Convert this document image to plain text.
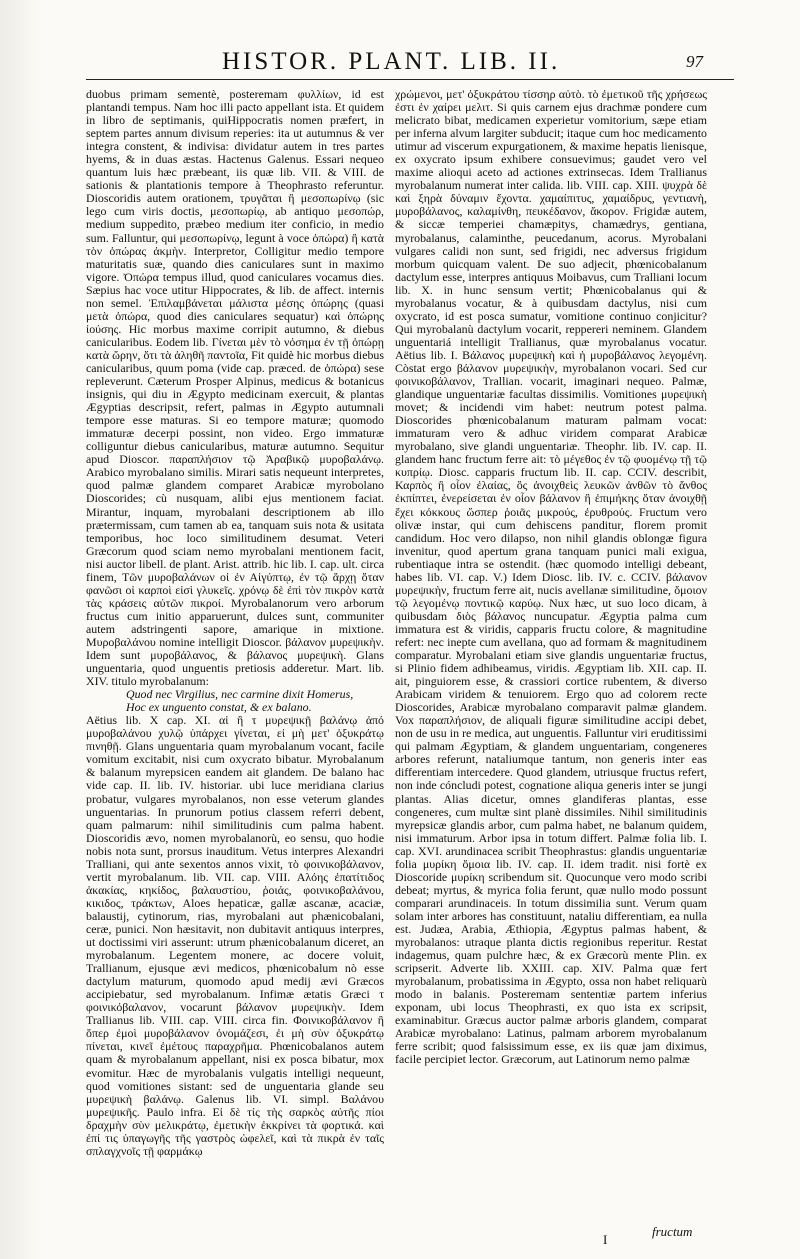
HISTOR. PLANT. LIB. II.	97

duobus primam sementè, posteremam φυλλίων, id est plantandi tempus. Nam hoc illi pacto appellant ista. Et quidem in libro de septimanis, quiHippocratis nomen præfert, in septem partes annum divisum reperies: ita ut autumnus & ver integra constent, & indivisa: dividatur autem in tres partes hyems, & in duas æstas. Hactenus Galenus. Essari nequeo quantum luis hæc præbeant, iis quæ lib. VII. & VIII. de sationis & plantationis tempore à Theophrasto referuntur. Dioscoridis autem orationem, τρυγᾶται ἢ μεσοπωρίνῳ (sic lego cum viris doctis, μεσοπωρίῳ, ab antiquo μεσοπώρ, medium suppedito, præbeo medium iter conficio, in medio sum. Falluntur, qui μεσοπωρίνῳ, legunt à voce ὀπώρα) ἢ κατὰ τὸν ὀπώρας ἀκμὴν. Interpretor, Colligitur medio tempore maturitatis suæ, quando dies caniculares sunt in maximo vigore. Ὀπώρα tempus illud, quod caniculares vocamus dies. Sæpius hac voce utitur Hippocrates, & lib. de affect. internis non semel. Ἐπιλαμβάνεται μάλιστα μέσης ὀπώρης (quasi μετὰ ὀπώρα, quod dies caniculares sequatur) καὶ ὀπώρης ἰούσης. Hic morbus maxime corripit autumno, & diebus canicularibus. Eodem lib. Γίνεται μὲν τὸ νόσημα ἐν τῇ ὀπώρῃ κατὰ ὥρην, ὅτι τὰ ἀληθῆ παντοῖα, Fit quidè hic morbus diebus canicularibus, quum poma (vide cap. præced. de ὀπώρα) sese repleverunt. Cæterum Prosper Alpinus, medicus & botanicus insignis, qui diu in Ægypto medicinam exercuit, & plantas Ægyptias descripsit, refert, palmas in Ægypto autumnali tempore esse maturas. Si eo tempore maturæ; quomodo immaturæ decerpi possint, non video. Ergo immaturæ colliguntur diebus canicularibus, maturæ autumno. Sequitur apud Dioscor. παραπλήσιον τῷ Ἀραβικῷ μυροβαλάνῳ. Arabico myrobalano similis. Mirari satis nequeunt interpretes, quod palmæ glandem comparet Arabicæ myrobolano Dioscorides; cù nusquam, alibi ejus mentionem faciat. Mirantur, inquam, myrobalani descriptionem ab illo prætermissam, cum tamen ab ea, tanquam suis nota & usitata temporibus, hoc loco similitudinem desumat. Veteri Græcorum quod sciam nemo myrobalani mentionem facit, nisi auctor libell. de plant. Arist. attrib. hic lib. I. cap. ult. circa finem, Τῶν μυροβαλάνων οἱ ἐν Αἰγύπτῳ, ἐν τῷ ἄρχῃ ὅταν φανῶσι οἱ καρποὶ εἰσὶ γλυκεῖς. χρόνῳ δὲ ἐπὶ τὸν πικρὸν κατὰ τὰς κράσεις αὐτῶν πικροί. Myrobalanorum vero arborum fructus cum initio apparuerunt, dulces sunt, communiter autem adstringenti sapore, amarique in mixtione. Μυροβαλάνου nomine intelligit Dioscor. βάλανον μυρεψικὴν. Idem sunt μυροβάλανος, & βάλανος μυρεψικὴ. Glans unguentaria, quod unguentis pretiosis adderetur. Mart. lib. XIV. titulo myrobalanum:

Quod nec Virgilius, nec carmine dixit Homerus,

Hoc ex unguento constat, & ex balano.

Aëtius lib. X cap. XI. αἱ ἢ τ μυρεψικῇ βαλάνῳ ἀπό μυροβαλάνου χυλῷ ὑπάρχει γίνεται, εἰ μὴ μετ' ὀξυκράτῳ πινηθῇ. Glans unguentaria quam myrobalanum vocant, facile vomitum excitabit, nisi cum oxycrato bibatur. Myrobalanum & balanum myrepsicen eandem ait glandem. De balano hac vide cap. II. lib. IV. historiar. ubi luce meridiana clarius probatur, vulgares myrobalanos, non esse veterum glandes unguentarias. In prunorum potius classem referri debent, quam palmarum: nihil similitudinis cum palma habent. Dioscoridis ævo, nomen myrobalanorù, eo sensu, quo hodie nobis nota sunt, prorsus inauditum. Vetus interpres Alexandri Tralliani, qui ante sexentos annos vixit, τὸ φοινικοβάλανον, vertit myrobalanum. lib. VII. cap. VIII. Αλόης ἐπατίτιδος ἀκακίας, κηκίδος, βαλαυστίου, ῥοιάς, φοινικοβαλάνου, κικιδος, τράκτων, Aloes hepaticæ, gallæ ascanæ, acaciæ, balaustij, cytinorum, rias, myrobalani aut phænicobalani, ceræ, punici. Non hæsitavit, non dubitavit antiquus interpres, ut doctissimi viri asserunt: utrum phænicobalanum diceret, an myrobalanum. Legentem monere, ac docere voluit, Trallianum, ejusque ævi medicos, phœnicobalum nò esse dactylum maturum, quomodo apud medij ævi Græcos accipiebatur, sed myrobalanum. Infimæ ætatis Græci τ φοινικόβαλανον, vocarunt βάλανον μυρεψικὴν. Idem Trallianus lib. VIII. cap. VIII. circa fin. Φοινικοβάλανον ἢ ὅπερ ἐμοὶ μυροβάλανον ὀνομάζεσι, ἐι μὴ σὺν ὀξυκράτῳ πίνεται, κινεῖ ἐμέτους παραχρῆμα. Phœnicobalanos autem quam & myrobalanum appellant, nisi ex posca bibatur, mox evomitur. Hæc de myrobalanis vulgatis intelligi nequeunt, quod vomitiones sistant: sed de unguentaria glande seu μυρεψικὴ βαλάνῳ. Galenus lib. VI. simpl. Βαλάνου μυρεψικῆς. Paulo infra. Εἰ δὲ τίς τὴς σαρκὸς αὐτῆς πίοι δραχμὴν σὺν μελικράτῳ, ἐμετικὴν ἐκκρίνει τὰ φορτικά. καὶ ἐπί τις ὑπαγωγῆς τῆς γαστρὸς ὠφελεῖ, καὶ τὰ πικρὰ ἐν ταῖς σπλαγχνοῖς τῇ φαρμάκῳ

χρώμενοι, μετ' ὀξυκράτου τίσσηρ αὐτὸ. τὸ ἐμετικοῦ τῆς χρήσεως ἐστι ἐν χαίρει μελιτ. Si quis carnem ejus drachmæ pondere cum melicrato bibat, medicamen experietur vomitorium, sæpe etiam per inferna alvum largiter subducit; itaque cum hoc medicamento utimur ad viscerum expurgationem, & maxime hepatis lienisque, ex oxycrato ipsum exhibere consuevimus; gaudet vero vel maxime alioqui aceto ad actiones extrinsecas. Idem Trallianus myrobalanum numerat inter calida. lib. VIII. cap. XIII. ψυχρὰ δὲ καὶ ξηρὰ δύναμιν ἔχοντα. χαμαίπιτυς, χαμαίδρυς, γεντιανὴ, μυροβάλανος, καλαμίνθη, πευκέδανον, ἄκορον. Frigidæ autem, & siccæ temperiei chamæpitys, chamædrys, gentiana, myrobalanus, calaminthe, peucedanum, acorus. Myrobalani vulgares calidi non sunt, sed frigidi, nec adversus frigidum morbum quicquam valent. De suo adjecit, phœnicobalanum dactylum esse, interpres antiquus Moibavus, cum Tralliani locum lib. X. in hunc sensum vertit; Phœnicobalanus qui & myrobalanus vocatur, & à quibusdam dactylus, nisi cum oxycrato, id est posca sumatur, vomitione continuo conjicitur? Qui myrobalanù dactylum vocarit, reppereri neminem. Glandem unguentariá intelligit Trallianus, quæ myrobalanus vocatur. Aëtius lib. I. Βάλανος μυρεψικὴ καὶ ἡ μυροβάλανος λεγομένη. Còstat ergo βάλανον μυρεψικὴν, myrobalanon vocari. Sed cur φοινικοβάλανον, Trallian. vocarit, imaginari nequeo. Palmæ, glandique unguentariæ facultas dissimilis. Vomitiones μυρεψικὴ movet; & incidendi vim habet: neutrum potest palma. Dioscorides phœnicobalanum maturam palmam vocat: immaturam vero & adhuc viridem comparat Arabicæ myrobalano, sive glandi unguentariæ. Theophr. lib. IV. cap. II. glandem hanc fructum ferre ait: τὸ μέγεθος ἐν τῷ φυομένῳ τῇ τῷ κυπρίῳ. Diosc. capparis fructum lib. II. cap. CCIV. describit, Καρπὸς ἢ οἷον ἐλαίας, ὃς ἀνοιχθεὶς λευκῶν ἀνθῶν τὸ ἄνθος ἐκπίπτει, ἐνερείσεται ἐν οἷον βάλανον ἢ ἐπιμήκης ὅταν ἀνοιχθῇ ἔχει κόκκους ὥσπερ ῥοιᾶς μικρούς, ἐρυθρούς. Fructum vero olivæ instar, qui cum dehiscens panditur, florem promit candidum. Hoc vero dilapso, non nihil glandis oblongæ figura invenitur, quod apertum grana tanquam punici mali exigua, rubentiaque intra se ostendit. (hæc quomodo intelligi debeant, habes lib. VI. cap. V.) Idem Diosc. lib. IV. c. CCIV. βάλανον μυρεψικὴν, fructum ferre ait, nucis avellanæ similitudine, ὅμοιον τῷ λεγομένῳ ποντικῷ καρύῳ. Nux hæc, ut suo loco dicam, à quibusdam διὸς βάλανος nuncupatur. Ægyptia palma cum immatura est & viridis, capparis fructu colore, & magnitudine refert: nec inepte cum avellana, quo ad formam & magnitudinem comparatur. Myrobalani etiam sive glandis unguentariæ fructus, si Plinio fidem adhibeamus, viridis. Ægyptiam lib. XII. cap. II. ait, pinguiorem esse, & crassiori cortice rubentem, & diverso Arabicam viridem & tenuiorem. Ergo quo ad colorem recte Dioscorides, Arabicæ myrobalano comparavit palmæ glandem. Vox παραπλήσιον, de aliquali figuræ similitudine accipi debet, non de usu in re medica, aut unguentis. Falluntur viri eruditissimi qui palmam Ægyptiam, & glandem unguentariam, congeneres arbores referunt, nataliumque tantum, non generis inter eas differentiam intercedere. Quod glandem, utriusque fructus refert, non inde cóncludi potest, cognatione aliqua generis inter se jungi plantas. Alias dicetur, omnes glandiferas plantas, esse congeneres, cum multæ sint planè dissimiles. Nihil similitudinis myrepsicæ glandis arbor, cum palma habet, ne balanum quidem, nisi immaturum. Arbor ipsa in totum differt. Palmæ folia lib. I. cap. XVI. arundinacea scribit Theophrastus: glandis unguentariæ folia μυρίκη ὅμοια lib. IV. cap. II. idem tradit. nisi fortè ex Dioscoride μυρίκη scribendum sit. Quocunque vero modo scribi debeat; myrtus, & myrica folia ferunt, quæ nullo modo possunt comparari arundinaceis. In totum dissimilia sunt. Verum quam solam inter arbores has constituunt, nataliu differentiam, ea nulla est. Judæa, Arabia, Æthiopia, Ægyptus palmas habent, & myrobalanos: utraque planta dictis regionibus reperitur. Restat indagemus, quam pulchre hæc, & ex Græcorù mente Plin. ex scripserit. Adverte lib. XXIII. cap. XIV. Palma quæ fert myrobalanum, probatissima in Ægypto, ossa non habet reliquarù modo in balanis. Posteremam sententiæ partem inferius exponam, ubi locus Theophrasti, ex quo ista ex scripsit, examinabitur. Græcus auctor palmæ arboris glandem, comparat Arabicæ myrobalano: Latinus, palmam arborem myrobalanum ferre scribit; quod falsissimum esse, ex iis quæ jam diximus, facile percipiet lector. Græcorum, aut Latinorum nemo palmæ

I
fructum
